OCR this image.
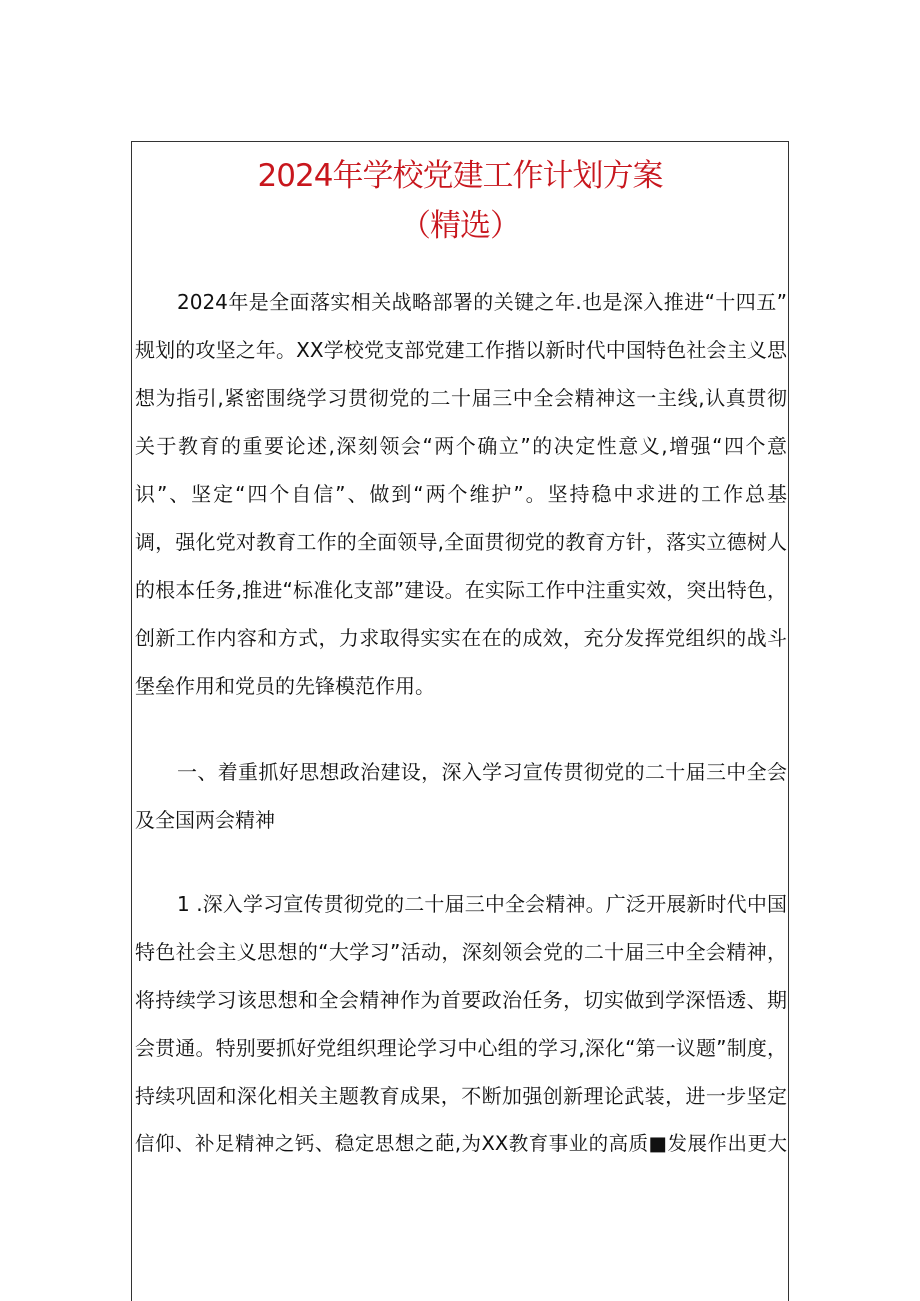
2024年学校党建工作计划方案
（精选）
2024年是全面落实相关战略部署的关键之年.也是深入推进“十四五”
规划的攻坚之年。XX学校党支部党建工作揩以新时代中国特色社会主义思
想为指引,紧密围绕学习贯彻党的二十届三中全会精神这一主线,认真贯彻
关于教育的重要论述,深刻领会“两个确立”的决定性意义,增强“四个意
识”、坚定“四个自信”、做到“两个维护”。坚持稳中求进的工作总基
调，强化党对教育工作的全面领导,全面贯彻党的教育方针，落实立德树人
的根本任务,推进“标准化支部”建设。在实际工作中注重实效，突出特色，
创新工作内容和方式，力求取得实实在在的成效，充分发挥党组织的战斗
堡垒作用和党员的先锋模范作用。
一、着重抓好思想政治建设，深入学习宣传贯彻党的二十届三中全会
及全国两会精神
1 .深入学习宣传贯彻党的二十届三中全会精神。广泛开展新时代中国
特色社会主义思想的“大学习”活动，深刻领会党的二十届三中全会精神，
将持续学习该思想和全会精神作为首要政治任务，切实做到学深悟透、期
会贯通。特别要抓好党组织理论学习中心组的学习,深化“第一议题”制度，
持续巩固和深化相关主题教育成果，不断加强创新理论武装，进一步坚定
信仰、补足精神之钙、稳定思想之葩,为XX教育事业的高质■发展作出更大
